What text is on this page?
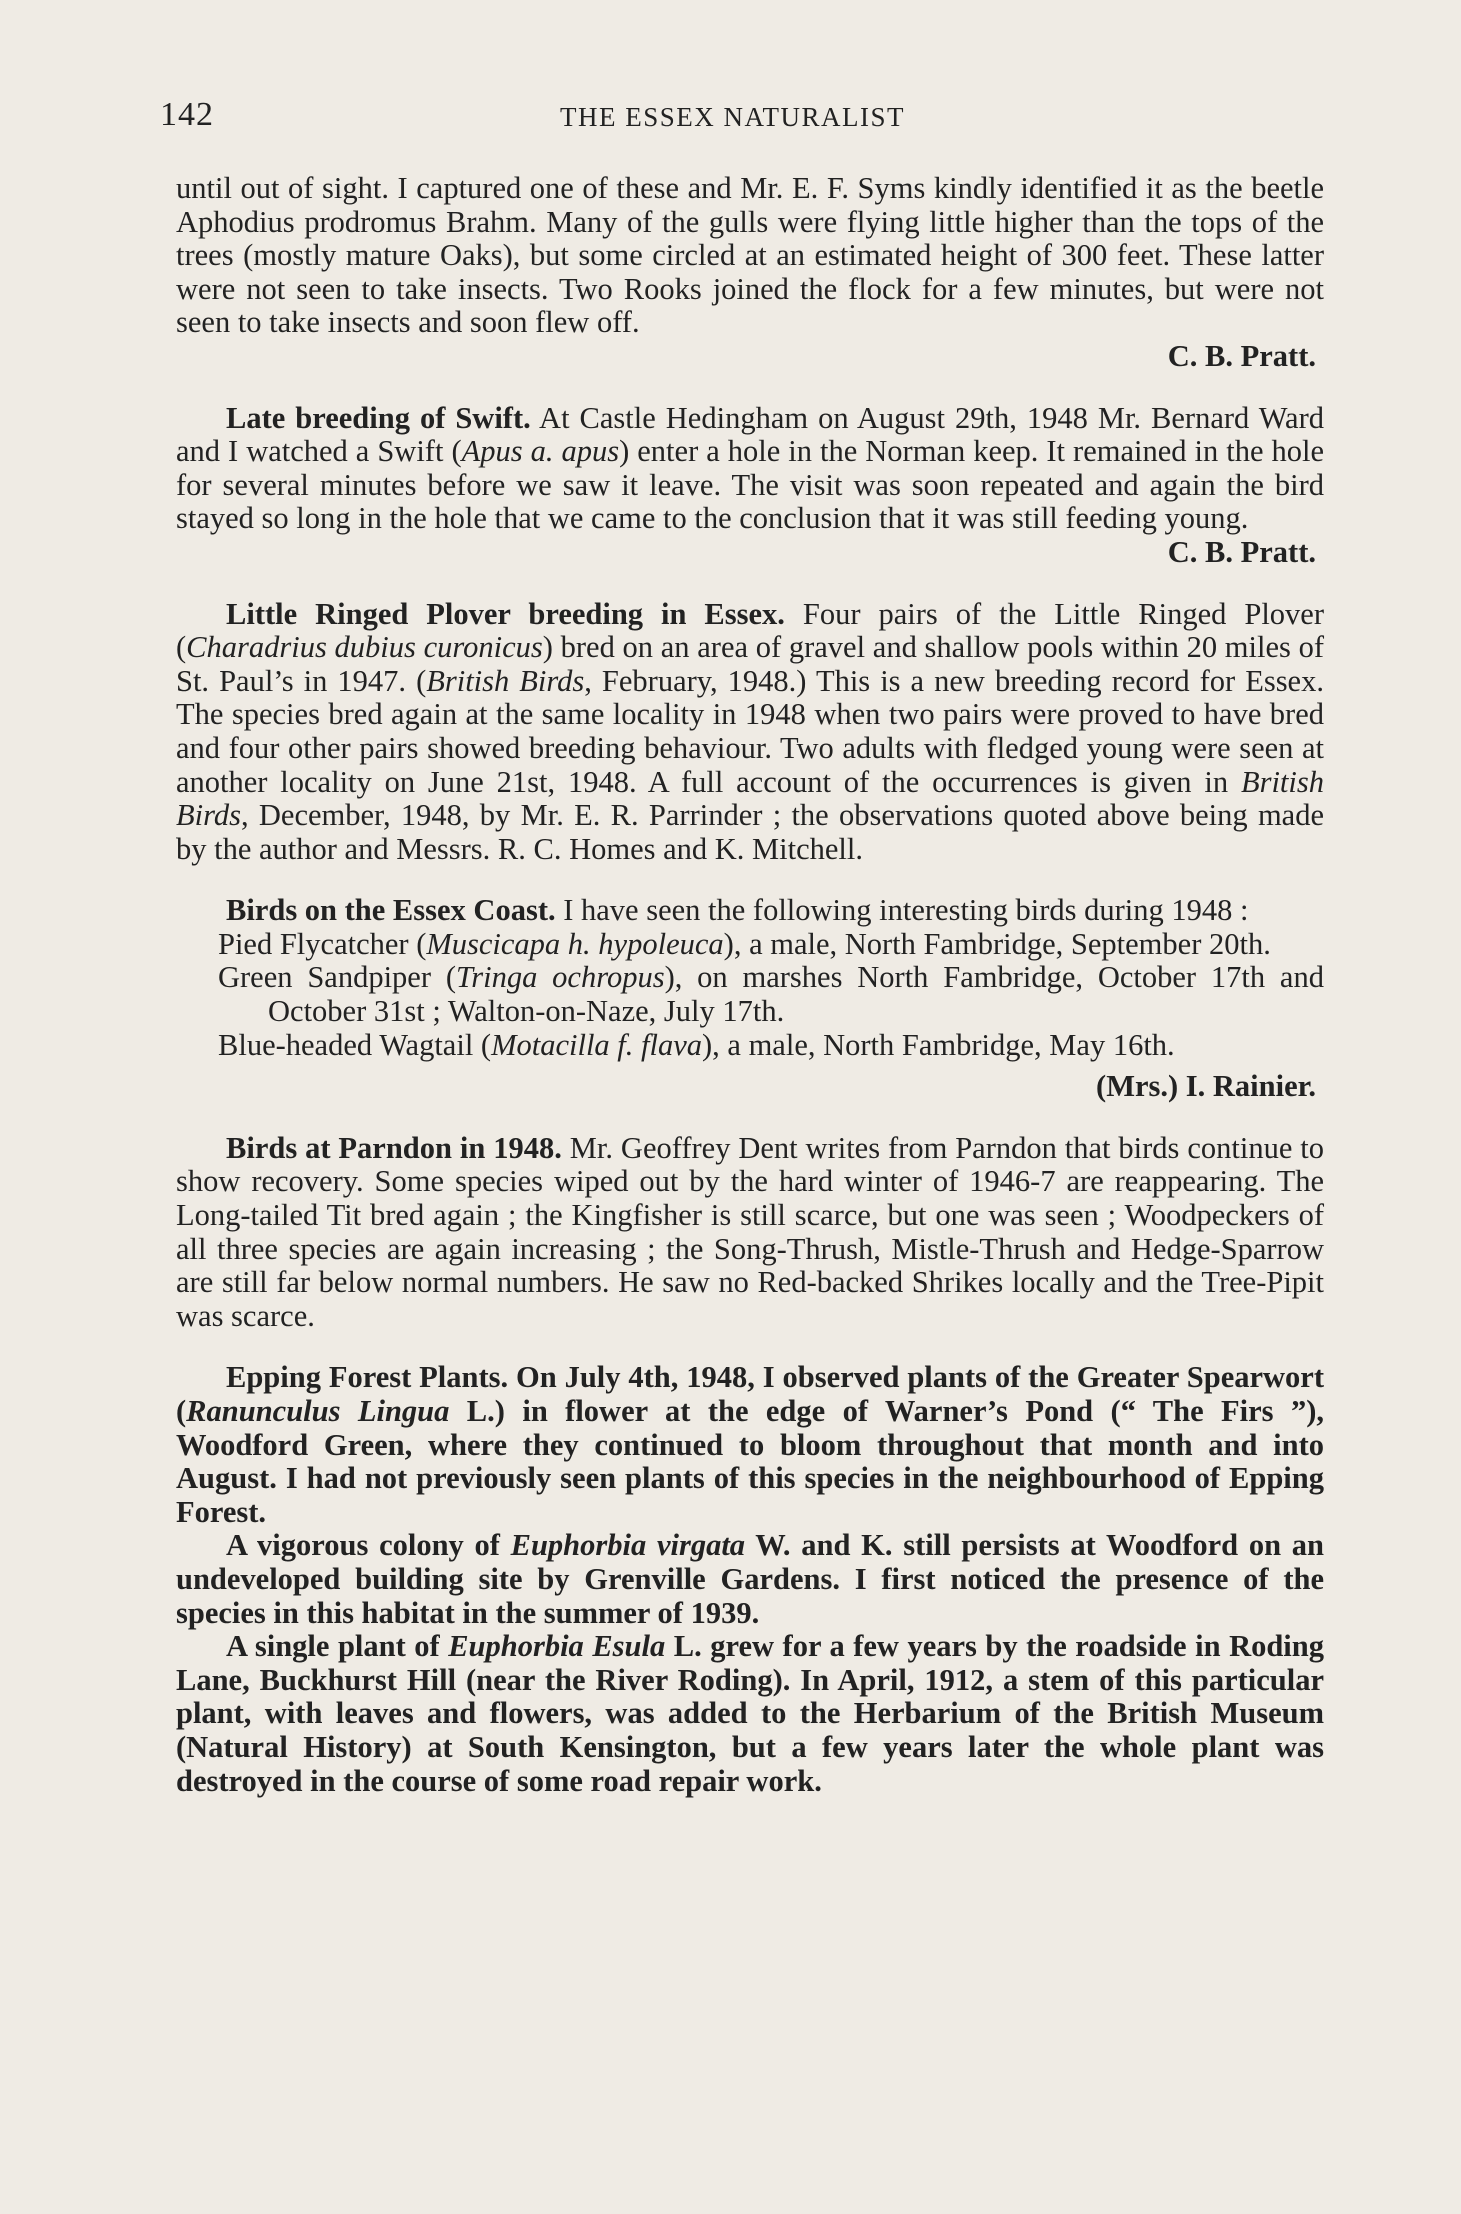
142	THE ESSEX NATURALIST

until out of sight. I captured one of these and Mr. E. F. Syms kindly identified it as the beetle Aphodius prodromus Brahm. Many of the gulls were flying little higher than the tops of the trees (mostly mature Oaks), but some circled at an estimated height of 300 feet. These latter were not seen to take insects. Two Rooks joined the flock for a few minutes, but were not seen to take insects and soon flew off.

C. B. Pratt.

Late breeding of Swift. At Castle Hedingham on August 29th, 1948 Mr. Bernard Ward and I watched a Swift (Apus a. apus) enter a hole in the Norman keep. It remained in the hole for several minutes before we saw it leave. The visit was soon repeated and again the bird stayed so long in the hole that we came to the conclusion that it was still feeding young.

C. B. Pratt.

Little Ringed Plover breeding in Essex. Four pairs of the Little Ringed Plover (Charadrius dubius curonicus) bred on an area of gravel and shallow pools within 20 miles of St. Paul’s in 1947. (British Birds, February, 1948.) This is a new breeding record for Essex. The species bred again at the same locality in 1948 when two pairs were proved to have bred and four other pairs showed breeding behaviour. Two adults with fledged young were seen at another locality on June 21st, 1948. A full account of the occurrences is given in British Birds, December, 1948, by Mr. E. R. Parrinder ; the observations quoted above being made by the author and Messrs. R. C. Homes and K. Mitchell.

Birds on the Essex Coast. I have seen the following interesting birds during 1948 :

Pied Flycatcher (Muscicapa h. hypoleuca), a male, North Fambridge, September 20th.
Green Sandpiper (Tringa ochropus), on marshes North Fambridge, October 17th and October 31st ; Walton-on-Naze, July 17th.
Blue-headed Wagtail (Motacilla f. flava), a male, North Fambridge, May 16th.

(Mrs.) I. Rainier.

Birds at Parndon in 1948. Mr. Geoffrey Dent writes from Parndon that birds continue to show recovery. Some species wiped out by the hard winter of 1946-7 are reappearing. The Long-tailed Tit bred again ; the Kingfisher is still scarce, but one was seen ; Woodpeckers of all three species are again increasing ; the Song-Thrush, Mistle-Thrush and Hedge-Sparrow are still far below normal numbers. He saw no Red-backed Shrikes locally and the Tree-Pipit was scarce.

Epping Forest Plants. On July 4th, 1948, I observed plants of the Greater Spearwort (Ranunculus Lingua L.) in flower at the edge of Warner’s Pond (“ The Firs ”), Woodford Green, where they continued to bloom throughout that month and into August. I had not previously seen plants of this species in the neighbourhood of Epping Forest.

A vigorous colony of Euphorbia virgata W. and K. still persists at Woodford on an undeveloped building site by Grenville Gardens. I first noticed the presence of the species in this habitat in the summer of 1939.

A single plant of Euphorbia Esula L. grew for a few years by the roadside in Roding Lane, Buckhurst Hill (near the River Roding). In April, 1912, a stem of this particular plant, with leaves and flowers, was added to the Herbarium of the British Museum (Natural History) at South Kensington, but a few years later the whole plant was destroyed in the course of some road repair work.
